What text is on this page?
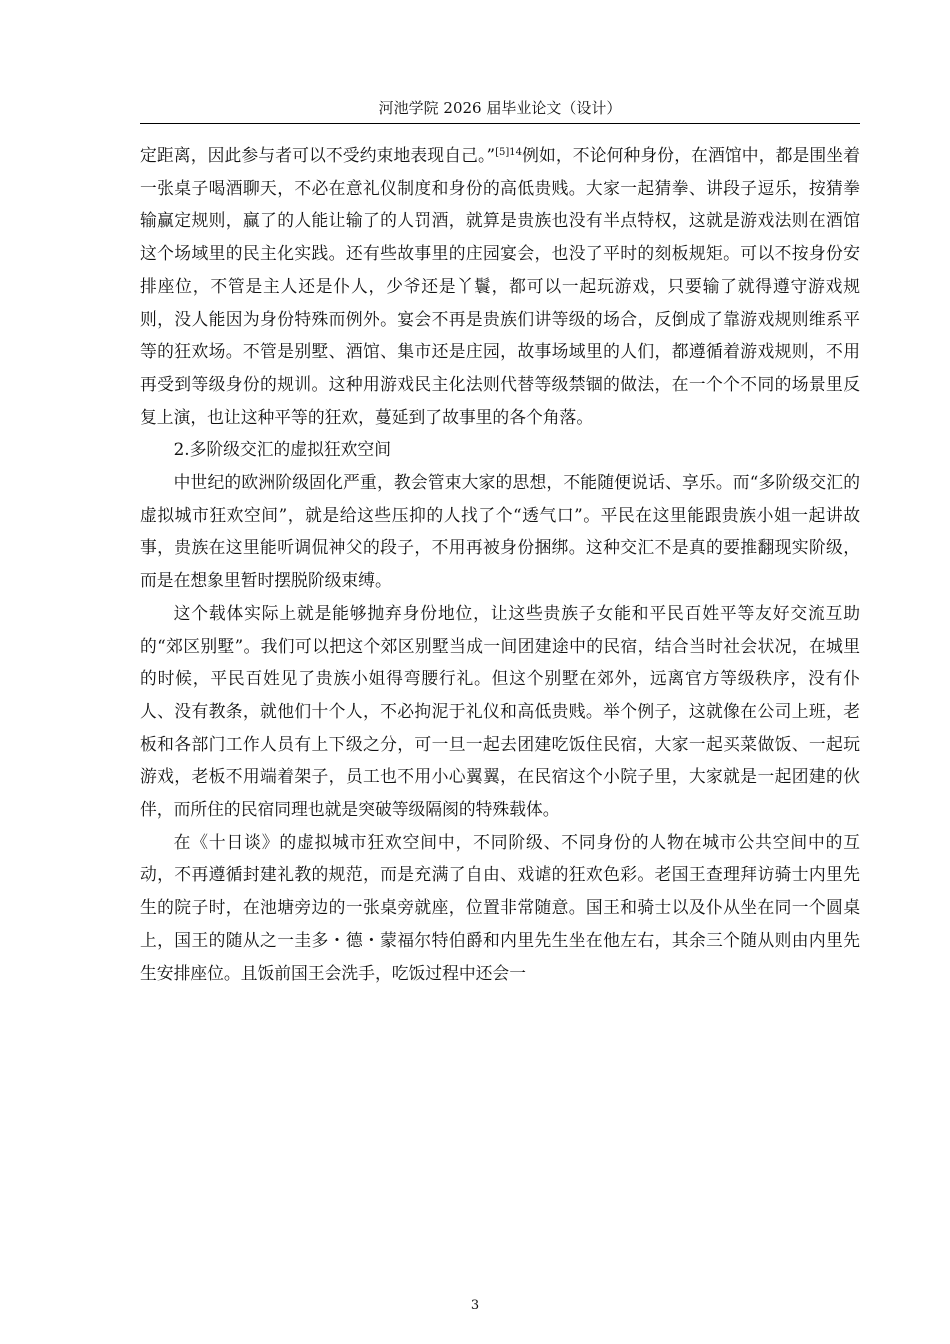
河池学院 2026 届毕业论文（设计）

定距离，因此参与者可以不受约束地表现自己。”$^{[5]14}$例如，不论何种身份，在酒馆中，都是围坐着一张桌子喝酒聊天，不必在意礼仪制度和身份的高低贵贱。大家一起猜拳、讲段子逗乐，按猜拳输赢定规则，赢了的人能让输了的人罚酒，就算是贵族也没有半点特权，这就是游戏法则在酒馆这个场域里的民主化实践。还有些故事里的庄园宴会，也没了平时的刻板规矩。可以不按身份安排座位，不管是主人还是仆人，少爷还是丫鬟，都可以一起玩游戏，只要输了就得遵守游戏规则，没人能因为身份特殊而例外。宴会不再是贵族们讲等级的场合，反倒成了靠游戏规则维系平等的狂欢场。不管是别墅、酒馆、集市还是庄园，故事场域里的人们，都遵循着游戏规则，不用再受到等级身份的规训。这种用游戏民主化法则代替等级禁锢的做法，在一个个不同的场景里反复上演，也让这种平等的狂欢，蔓延到了故事里的各个角落。

2.多阶级交汇的虚拟狂欢空间

中世纪的欧洲阶级固化严重，教会管束大家的思想，不能随便说话、享乐。而“多阶级交汇的虚拟城市狂欢空间”，就是给这些压抑的人找了个“透气口”。平民在这里能跟贵族小姐一起讲故事，贵族在这里能听调侃神父的段子，不用再被身份捆绑。这种交汇不是真的要推翻现实阶级，而是在想象里暂时摆脱阶级束缚。

这个载体实际上就是能够抛弃身份地位，让这些贵族子女能和平民百姓平等友好交流互助的“郊区别墅”。我们可以把这个郊区别墅当成一间团建途中的民宿，结合当时社会状况，在城里的时候，平民百姓见了贵族小姐得弯腰行礼。但这个别墅在郊外，远离官方等级秩序，没有仆人、没有教条，就他们十个人，不必拘泥于礼仪和高低贵贱。举个例子，这就像在公司上班，老板和各部门工作人员有上下级之分，可一旦一起去团建吃饭住民宿，大家一起买菜做饭、一起玩游戏，老板不用端着架子，员工也不用小心翼翼，在民宿这个小院子里，大家就是一起团建的伙伴，而所住的民宿同理也就是突破等级隔阂的特殊载体。

在《十日谈》的虚拟城市狂欢空间中，不同阶级、不同身份的人物在城市公共空间中的互动，不再遵循封建礼教的规范，而是充满了自由、戏谑的狂欢色彩。老国王查理拜访骑士内里先生的院子时，在池塘旁边的一张桌旁就座，位置非常随意。国王和骑士以及仆从坐在同一个圆桌上，国王的随从之一圭多・德・蒙福尔特伯爵和内里先生坐在他左右，其余三个随从则由内里先生安排座位。且饭前国王会洗手，吃饭过程中还会一

3
